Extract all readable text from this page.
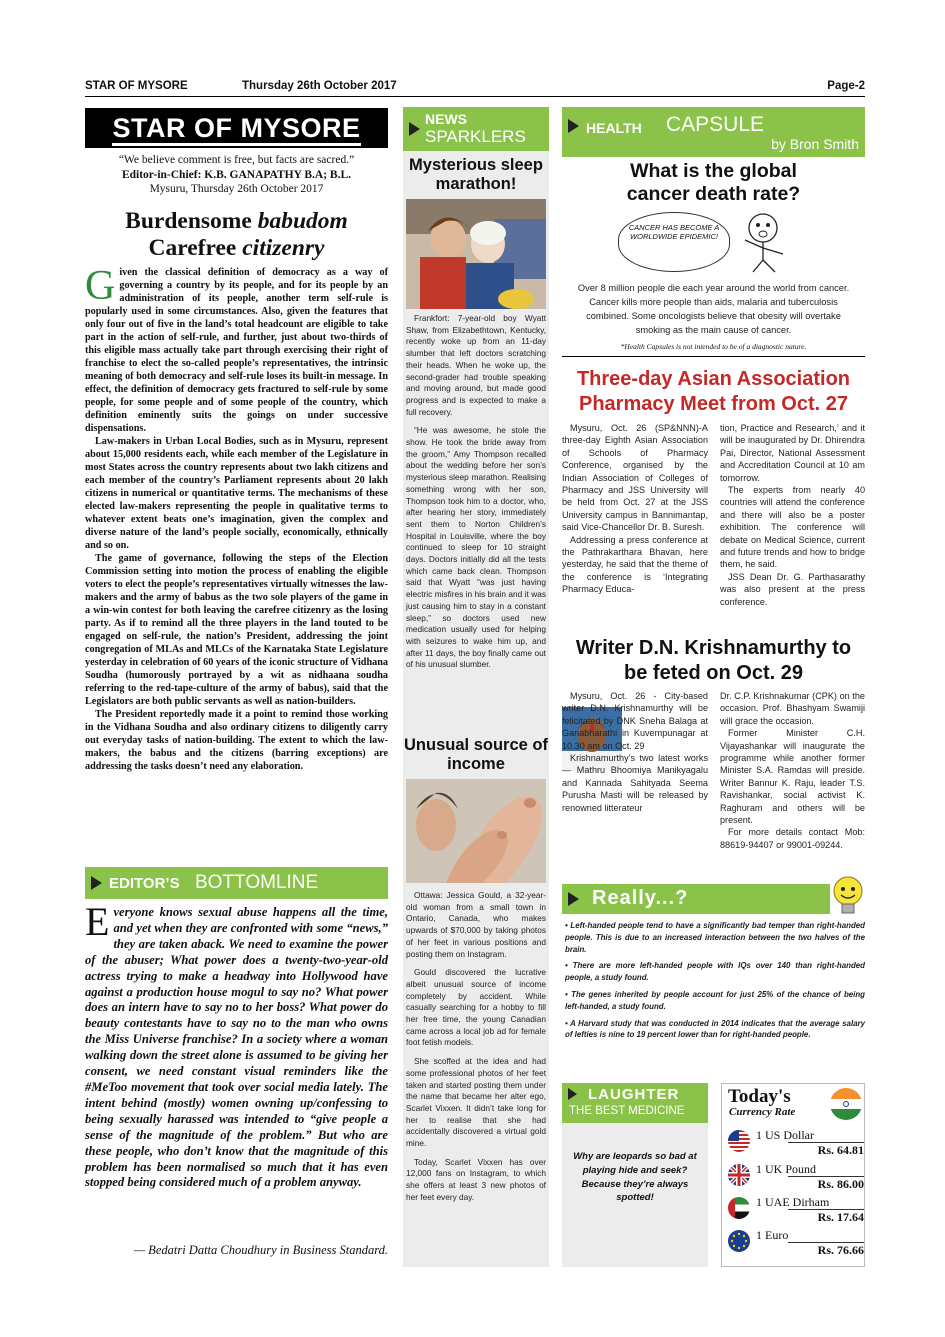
STAR OF MYSORE	Thursday 26th October 2017	Page-2
STAR OF MYSORE
“We believe comment is free, but facts are sacred.”
Editor-in-Chief: K.B. GANAPATHY B.A; B.L.
Mysuru, Thursday 26th October 2017
Burdensome babudom
Carefree citizenry

Given the classical definition of democracy as a way of governing a country by its people, and for its people by an administration of its people, another term self-rule is popularly used in some circumstances. Also, given the features that only four out of five in the land’s total headcount are eligible to take part in the action of self-rule, and further, just about two-thirds of this eligible mass actually take part through exercising their right of franchise to elect the so-called people’s representatives, the intrinsic meaning of both democracy and self-rule loses its built-in message. In effect, the definition of democracy gets fractured to self-rule by some people, for some people and of some people of the country, which definition eminently suits the goings on under successive dispensations.

Law-makers in Urban Local Bodies, such as in Mysuru, represent about 15,000 residents each, while each member of the Legislature in most States across the country represents about two lakh citizens and each member of the country’s Parliament represents about 20 lakh citizens in numerical or quantitative terms. The mechanisms of these elected law-makers representing the people in qualitative terms to whatever extent beats one’s imagination, given the complex and diverse nature of the land’s people socially, economically, ethnically and so on.

The game of governance, following the steps of the Election Commission setting into motion the process of enabling the eligible voters to elect the people’s representatives virtually witnesses the law-makers and the army of babus as the two sole players of the game in a win-win contest for both leaving the carefree citizenry as the losing party. As if to remind all the three players in the land touted to be engaged on self-rule, the nation’s President, addressing the joint congregation of MLAs and MLCs of the Karnataka State Legislature yesterday in celebration of 60 years of the iconic structure of Vidhana Soudha (humorously portrayed by a wit as nidhaana soudha referring to the red-tape-culture of the army of babus), said that the Legislators are both public servants as well as nation-builders.

The President reportedly made it a point to remind those working in the Vidhana Soudha and also ordinary citizens to diligently carry out everyday tasks of nation-building. The extent to which the law-makers, the babus and the citizens (barring exceptions) are addressing the tasks doesn’t need any elaboration.

EDITOR’S BOTTOMLINE
Everyone knows sexual abuse happens all the time, and yet when they are confronted with some “news,” they are taken aback. We need to examine the power of the abuser; What power does a twenty-two-year-old actress trying to make a headway into Hollywood have against a production house mogul to say no? What power does an intern have to say no to her boss? What power do beauty contestants have to say no to the man who owns the Miss Universe franchise? In a society where a woman walking down the street alone is assumed to be giving her consent, we need constant visual reminders like the #MeToo movement that took over social media lately. The intent behind (mostly) women owning up/confessing to being sexually harassed was intended to “give people a sense of the magnitude of the problem.” But who are these people, who don’t know that the magnitude of this problem has been normalised so much that it has even stopped being considered much of a problem anyway.
— Bedatri Datta Choudhury in Business Standard.
NEWS
SPARKLERS
Mysterious sleep marathon!

Frankfort: 7-year-old boy Wyatt Shaw, from Elizabethtown, Kentucky, recently woke up from an 11-day slumber that left doctors scratching their heads. When he woke up, the second-grader had trouble speaking and moving around, but made good progress and is expected to make a full recovery.

“He was awesome, he stole the show. He took the bride away from the groom,” Amy Thompson recalled about the wedding before her son’s mysterious sleep marathon. Realising something wrong with her son, Thompson took him to a doctor, who, after hearing her story, immediately sent them to Norton Children’s Hospital in Louisville, where the boy continued to sleep for 10 straight days. Doctors initially did all the tests which came back clean. Thompson said that Wyatt “was just having electric misfires in his brain and it was just causing him to stay in a constant sleep,” so doctors used new medication usually used for helping with seizures to wake him up, and after 11 days, the boy finally came out of his unusual slumber.

Unusual source of income

Ottawa: Jessica Gould, a 32-year-old woman from a small town in Ontario, Canada, who makes upwards of $70,000 by taking photos of her feet in various positions and posting them on Instagram.

Gould discovered the lucrative albeit unusual source of income completely by accident. While casually searching for a hobby to fill her free time, the young Canadian came across a local job ad for female foot fetish models.

She scoffed at the idea and had some professional photos of her feet taken and started posting them under the name that became her alter ego, Scarlet Vixxen. It didn’t take long for her to realise that she had accidentally discovered a virtual gold mine.

Today, Scarlet Vixxen has over 12,000 fans on Instagram, to which she offers at least 3 new photos of her feet every day.

HEALTH CAPSULE
by Bron Smith
What is the global cancer death rate?
CANCER HAS BECOME A WORLDWIDE EPIDEMIC!
Over 8 million people die each year around the world from cancer. Cancer kills more people than aids, malaria and tuberculosis combined. Some oncologists believe that obesity will overtake smoking as the main cause of cancer.
*Health Capsules is not intended to be of a diagnostic nature.
Three-day Asian Association Pharmacy Meet from Oct. 27

Mysuru, Oct. 26 (SP&NNN)-A three-day Eighth Asian Association of Schools of Pharmacy Conference, organised by the Indian Association of Colleges of Pharmacy and JSS University will be held from Oct. 27 at the JSS University campus in Bannimantap, said Vice-Chancellor Dr. B. Suresh.

Addressing a press conference at the Pathrakarthara Bhavan, here yesterday, he said that the theme of the conference is ‘Integrating Pharmacy Educa-

tion, Practice and Research,’ and it will be inaugurated by Dr. Dhirendra Pai, Director, National Assessment and Accreditation Council at 10 am tomorrow.

The experts from nearly 40 countries will attend the conference and there will also be a poster exhibition. The conference will debate on Medical Science, current and future trends and how to bridge them, he said.

JSS Dean Dr. G. Parthasarathy was also present at the press conference.

Writer D.N. Krishnamurthy to be feted on Oct. 29

Mysuru, Oct. 26 - City-based writer D.N. Krishnamurthy will be felicitated by DNK Sneha Balaga at Ganabharathi in Kuvempunagar at 10.30 am on Oct. 29

Krishnamurthy’s two latest works — Mathru Bhoomiya Manikyagalu and Kannada Sahityada Seema Purusha Masti will be released by renowned litterateur

Dr. C.P. Krishnakumar (CPK) on the occasion. Prof. Bhashyam Swamiji will grace the occasion.

Former Minister C.H. Vijayashankar will inaugurate the programme while another former Minister S.A. Ramdas will preside. Writer Bannur K. Raju, leader T.S. Ravishankar, social activist K. Raghuram and others will be present.

For more details contact Mob: 88619-94407 or 99001-09244.

Really...?
• Left-handed people tend to have a significantly bad temper than right-handed people. This is due to an increased interaction between the two halves of the brain.
• There are more left-handed people with IQs over 140 than right-handed people, a study found.
• The genes inherited by people account for just 25% of the chance of being left-handed, a study found.
• A Harvard study that was conducted in 2014 indicates that the average salary of lefties is nine to 19 percent lower than for right-handed people.
LAUGHTER
THE BEST MEDICINE
Why are leopards so bad at playing hide and seek?
Because they’re always spotted!
Today's
Currency Rate
1 US Dollar
Rs. 64.81
1 UK Pound
Rs. 86.00
1 UAE Dirham
Rs. 17.64
1 Euro
Rs. 76.66
